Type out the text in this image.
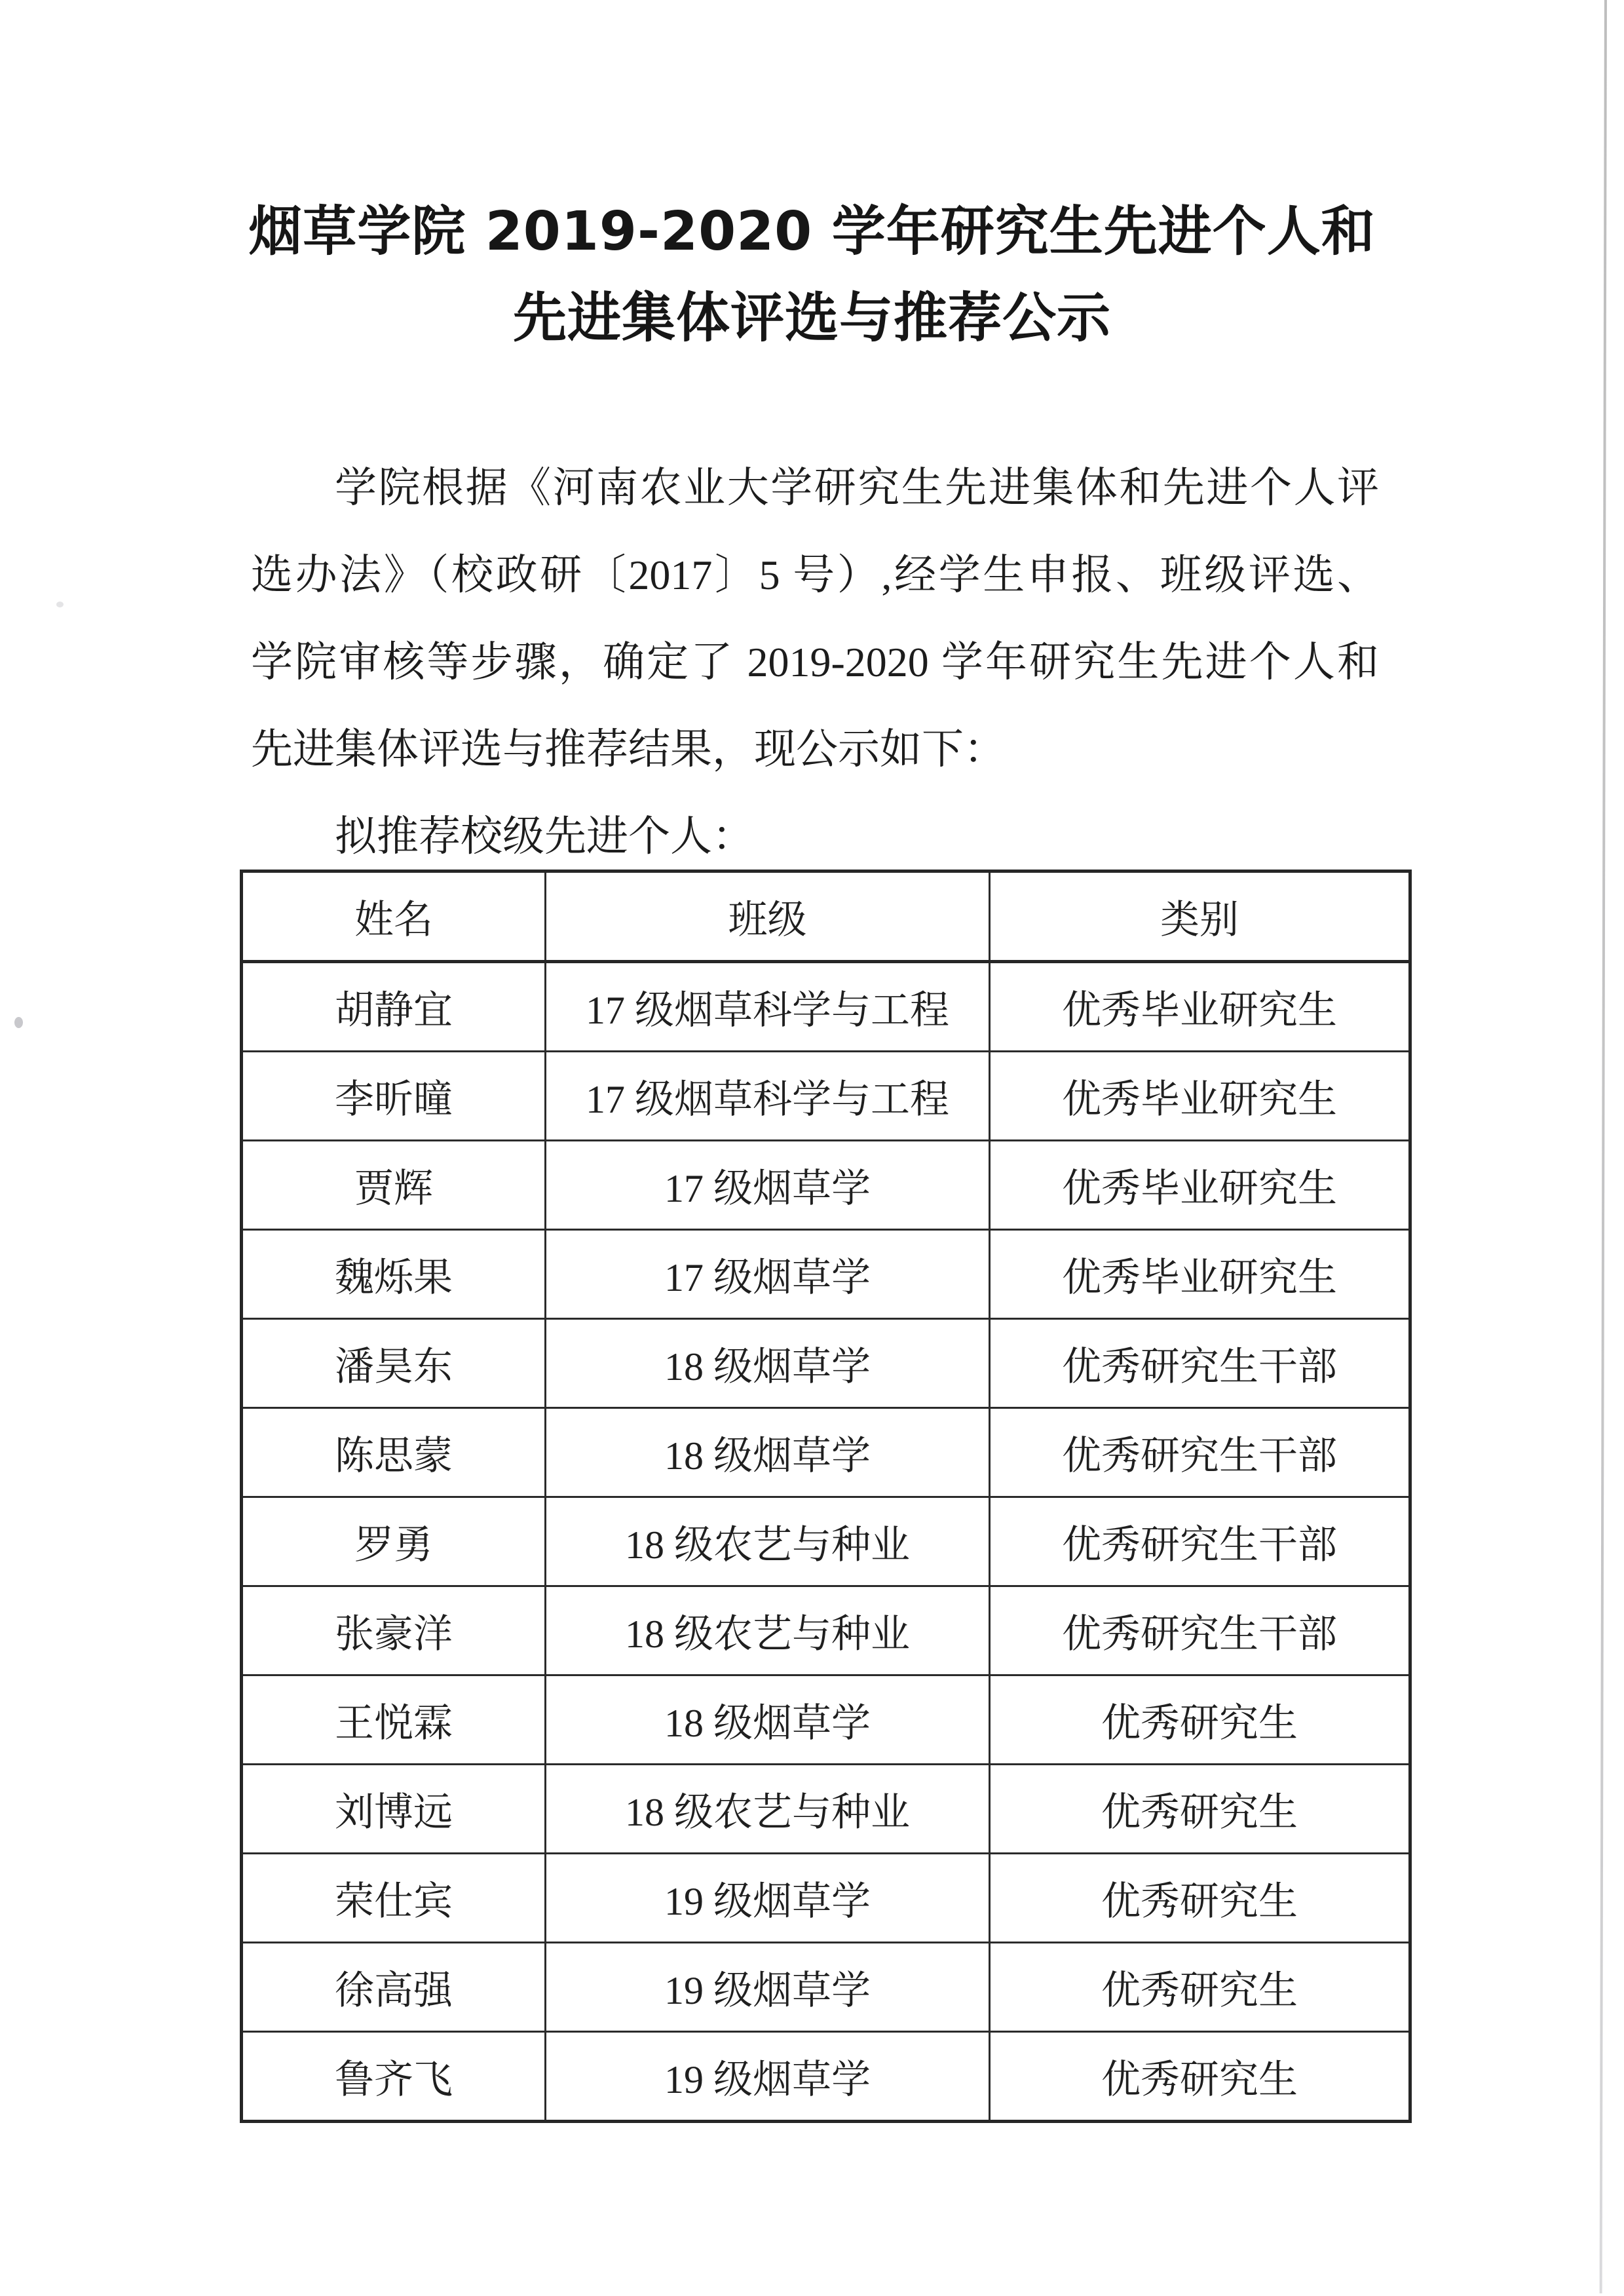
烟草学院 2019-2020 学年研究生先进个人和
先进集体评选与推荐公示
学院根据《河南农业大学研究生先进集体和先进个人评
选办法》（校政研〔2017〕5 号）,经学生申报、班级评选、
学院审核等步骤，确定了 2019-2020 学年研究生先进个人和
先进集体评选与推荐结果，现公示如下：
拟推荐校级先进个人：
姓名	班级	类别
胡静宜	17 级烟草科学与工程	优秀毕业研究生
李昕曈	17 级烟草科学与工程	优秀毕业研究生
贾辉	17 级烟草学	优秀毕业研究生
魏烁果	17 级烟草学	优秀毕业研究生
潘昊东	18 级烟草学	优秀研究生干部
陈思蒙	18 级烟草学	优秀研究生干部
罗勇	18 级农艺与种业	优秀研究生干部
张豪洋	18 级农艺与种业	优秀研究生干部
王悦霖	18 级烟草学	优秀研究生
刘博远	18 级农艺与种业	优秀研究生
荣仕宾	19 级烟草学	优秀研究生
徐高强	19 级烟草学	优秀研究生
鲁齐飞	19 级烟草学	优秀研究生
